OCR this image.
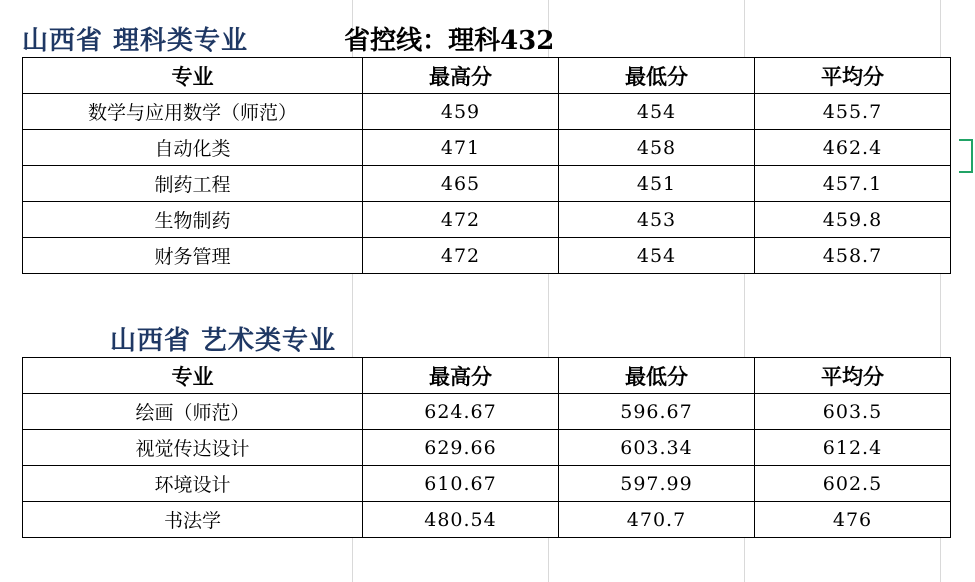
山西省 理科类专业	省控线：理科432
专业	最高分	最低分	平均分
数学与应用数学（师范）	459	454	455.7
自动化类	471	458	462.4
制药工程	465	451	457.1
生物制药	472	453	459.8
财务管理	472	454	458.7
山西省 艺术类专业
专业	最高分	最低分	平均分
绘画（师范）	624.67	596.67	603.5
视觉传达设计	629.66	603.34	612.4
环境设计	610.67	597.99	602.5
书法学	480.54	470.7	476
